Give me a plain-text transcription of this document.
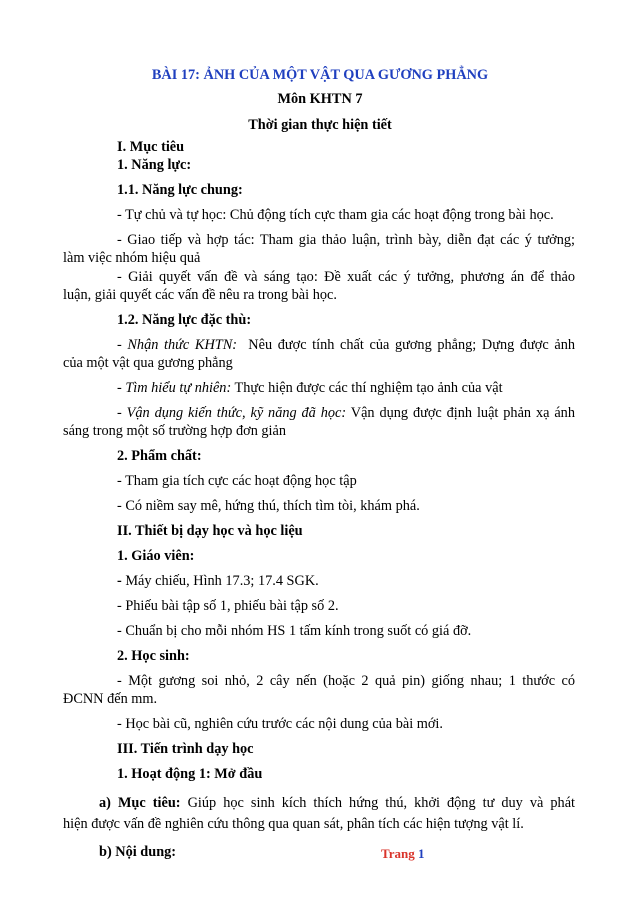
BÀI 17: ẢNH CỦA MỘT VẬT QUA GƯƠNG PHẲNG
Môn KHTN 7
Thời gian thực hiện tiết
I. Mục tiêu
1. Năng lực:
1.1. Năng lực chung:
- Tự chủ và tự học: Chủ động tích cực tham gia các hoạt động trong bài học.
- Giao tiếp và hợp tác: Tham gia thảo luận, trình bày, diễn đạt các ý tưởng;
làm việc nhóm hiệu quả
- Giải quyết vấn đề và sáng tạo: Đề xuất các ý tưởng, phương án để thảo
luận, giải quyết các vấn đề nêu ra trong bài học.
1.2. Năng lực đặc thù:
- Nhận thức KHTN: Nêu được tính chất của gương phẳng; Dựng được ảnh
của một vật qua gương phẳng
- Tìm hiểu tự nhiên: Thực hiện được các thí nghiệm tạo ảnh của vật
- Vận dụng kiến thức, kỹ năng đã học: Vận dụng được định luật phản xạ ánh
sáng trong một số trường hợp đơn giản
2. Phẩm chất:
- Tham gia tích cực các hoạt động học tập
- Có niềm say mê, hứng thú, thích tìm tòi, khám phá.
II. Thiết bị dạy học và học liệu
1. Giáo viên:
- Máy chiếu, Hình 17.3; 17.4 SGK.
- Phiếu bài tập số 1, phiếu bài tập số 2.
- Chuẩn bị cho mỗi nhóm HS 1 tấm kính trong suốt có giá đỡ.
2. Học sinh:
- Một gương soi nhỏ, 2 cây nến (hoặc 2 quả pin) giống nhau; 1 thước có
ĐCNN đến mm.
- Học bài cũ, nghiên cứu trước các nội dung của bài mới.
III. Tiến trình dạy học
1. Hoạt động 1: Mở đầu
a) Mục tiêu: Giúp học sinh kích thích hứng thú, khởi động tư duy và phát
hiện được vấn đề nghiên cứu thông qua quan sát, phân tích các hiện tượng vật lí.
b) Nội dung:	Trang 1
